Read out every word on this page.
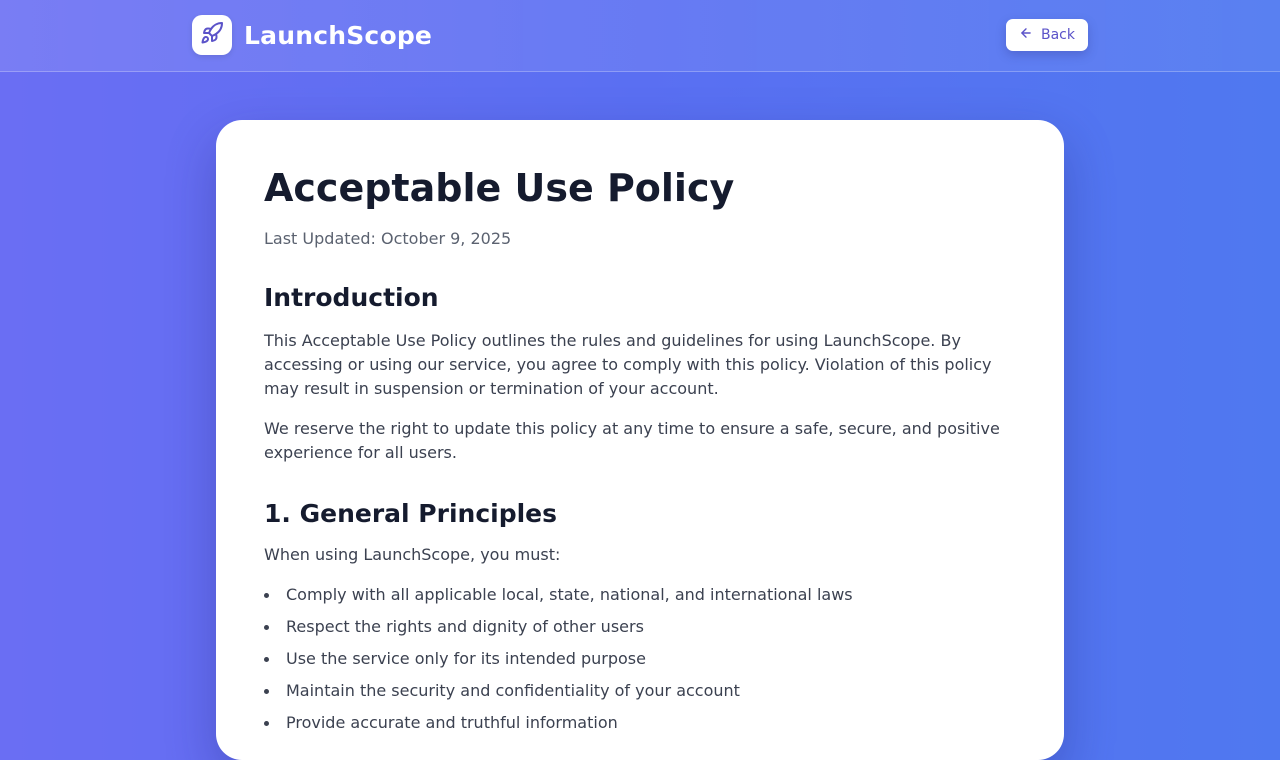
LaunchScope	Back
Acceptable Use Policy
Last Updated: October 9, 2025
Introduction

This Acceptable Use Policy outlines the rules and guidelines for using LaunchScope. By accessing or using our service, you agree to comply with this policy. Violation of this policy may result in suspension or termination of your account.

We reserve the right to update this policy at any time to ensure a safe, secure, and positive experience for all users.

1. General Principles

When using LaunchScope, you must:

Comply with all applicable local, state, national, and international laws
Respect the rights and dignity of other users
Use the service only for its intended purpose
Maintain the security and confidentiality of your account
Provide accurate and truthful information
